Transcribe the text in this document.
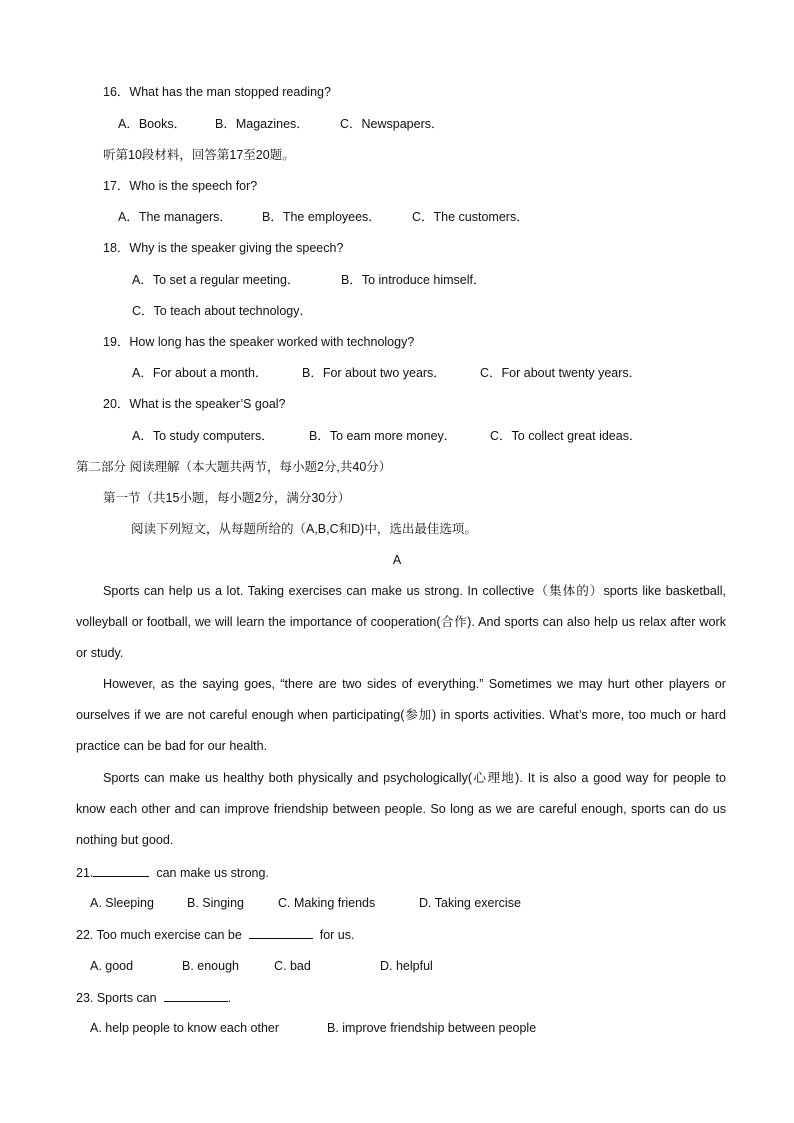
16．What has the man stopped reading?
A．Books． B．Magazines． C．Newspapers．
听第10段材料，回答第17至20题。
17．Who is the speech for?
A．The managers． B．The employees． C．The customers．
18．Why is the speaker giving the speech?
A．To set a regular meeting．	B．To introduce himself．
C．To teach about technology．
19．How long has the speaker worked with technology?
A．For about a month．	B．For about two years．	C．For about twenty years．
20．What is the speaker’S goal?
A．To study computers．	B．To eam more money．	C．To collect great ideas．
第二部分 阅读理解（本大题共两节，每小题2分,共40分）
第一节（共15小题，每小题2分，满分30分）
阅读下列短文，从每题所给的（A,B,C和D)中，选出最佳选项。
A
Sports can help us a lot. Taking exercises can make us strong. In collective（集体的）sports like basketball, volleyball or football, we will learn the importance of cooperation(合作). And sports can also help us relax after work or study.
However, as the saying goes, “there are two sides of everything.” Sometimes we may hurt other players or ourselves if we are not careful enough when participating(参加) in sports activities. What’s more, too much or hard practice can be bad for our health.
Sports can make us healthy both physically and psychologically(心理地). It is also a good way for people to know each other and can improve friendship between people. So long as we are careful enough, sports can do us nothing but good.
21.	can make us strong.
A. Sleeping	B. Singing	C. Making friends	D. Taking exercise
22. Too much exercise can be	for us.
A. good	B. enough	C. bad	D. helpful
23. Sports can	.
A. help people to know each other	B. improve friendship between people
